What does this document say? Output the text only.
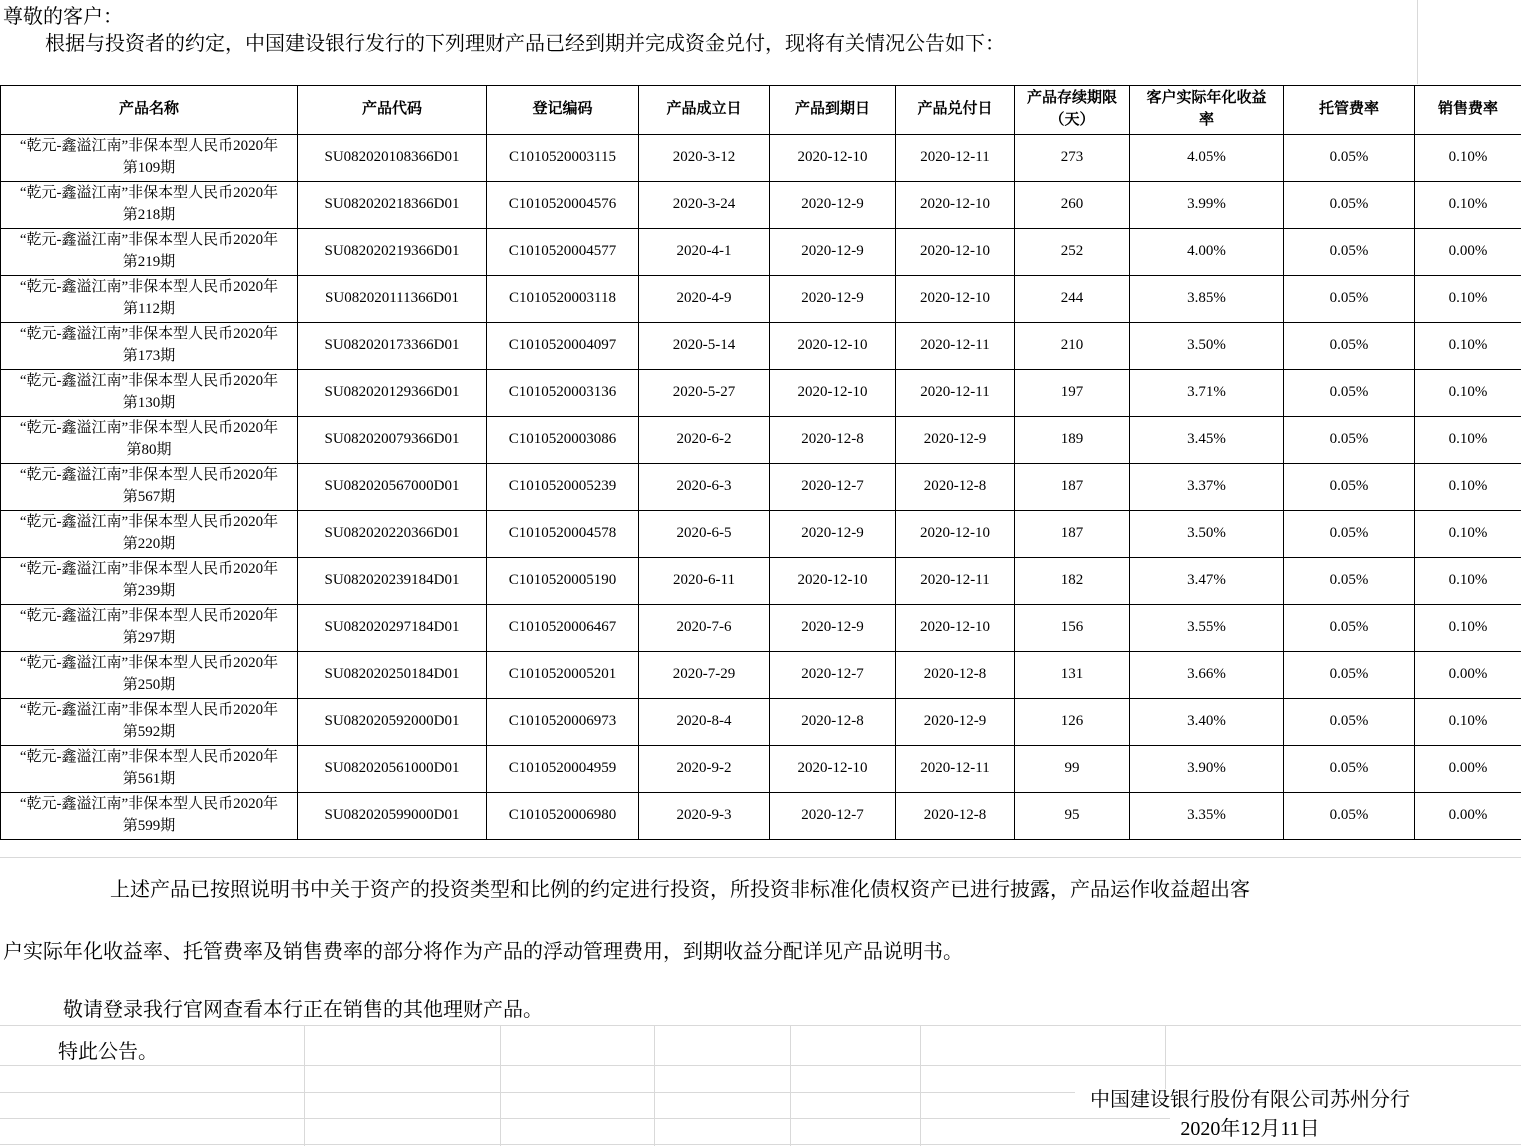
尊敬的客户：
根据与投资者的约定，中国建设银行发行的下列理财产品已经到期并完成资金兑付，现将有关情况公告如下：
产品名称	产品代码	登记编码	产品成立日	产品到期日	产品兑付日	产品存续期限（天）	客户实际年化收益率	托管费率	销售费率
“乾元-鑫溢江南”非保本型人民币2020年
第109期	SU082020108366D01	C1010520003115	2020-3-12	2020-12-10	2020-12-11	273	4.05%	0.05%	0.10%
“乾元-鑫溢江南”非保本型人民币2020年
第218期	SU082020218366D01	C1010520004576	2020-3-24	2020-12-9	2020-12-10	260	3.99%	0.05%	0.10%
“乾元-鑫溢江南”非保本型人民币2020年
第219期	SU082020219366D01	C1010520004577	2020-4-1	2020-12-9	2020-12-10	252	4.00%	0.05%	0.00%
“乾元-鑫溢江南”非保本型人民币2020年
第112期	SU082020111366D01	C1010520003118	2020-4-9	2020-12-9	2020-12-10	244	3.85%	0.05%	0.10%
“乾元-鑫溢江南”非保本型人民币2020年
第173期	SU082020173366D01	C1010520004097	2020-5-14	2020-12-10	2020-12-11	210	3.50%	0.05%	0.10%
“乾元-鑫溢江南”非保本型人民币2020年
第130期	SU082020129366D01	C1010520003136	2020-5-27	2020-12-10	2020-12-11	197	3.71%	0.05%	0.10%
“乾元-鑫溢江南”非保本型人民币2020年
第80期	SU082020079366D01	C1010520003086	2020-6-2	2020-12-8	2020-12-9	189	3.45%	0.05%	0.10%
“乾元-鑫溢江南”非保本型人民币2020年
第567期	SU082020567000D01	C1010520005239	2020-6-3	2020-12-7	2020-12-8	187	3.37%	0.05%	0.10%
“乾元-鑫溢江南”非保本型人民币2020年
第220期	SU082020220366D01	C1010520004578	2020-6-5	2020-12-9	2020-12-10	187	3.50%	0.05%	0.10%
“乾元-鑫溢江南”非保本型人民币2020年
第239期	SU082020239184D01	C1010520005190	2020-6-11	2020-12-10	2020-12-11	182	3.47%	0.05%	0.10%
“乾元-鑫溢江南”非保本型人民币2020年
第297期	SU082020297184D01	C1010520006467	2020-7-6	2020-12-9	2020-12-10	156	3.55%	0.05%	0.10%
“乾元-鑫溢江南”非保本型人民币2020年
第250期	SU082020250184D01	C1010520005201	2020-7-29	2020-12-7	2020-12-8	131	3.66%	0.05%	0.00%
“乾元-鑫溢江南”非保本型人民币2020年
第592期	SU082020592000D01	C1010520006973	2020-8-4	2020-12-8	2020-12-9	126	3.40%	0.05%	0.10%
“乾元-鑫溢江南”非保本型人民币2020年
第561期	SU082020561000D01	C1010520004959	2020-9-2	2020-12-10	2020-12-11	99	3.90%	0.05%	0.00%
“乾元-鑫溢江南”非保本型人民币2020年
第599期	SU082020599000D01	C1010520006980	2020-9-3	2020-12-7	2020-12-8	95	3.35%	0.05%	0.00%
上述产品已按照说明书中关于资产的投资类型和比例的约定进行投资，所投资非标准化债权资产已进行披露，产品运作收益超出客
户实际年化收益率、托管费率及销售费率的部分将作为产品的浮动管理费用，到期收益分配详见产品说明书。
敬请登录我行官网查看本行正在销售的其他理财产品。
特此公告。
中国建设银行股份有限公司苏州分行
2020年12月11日
